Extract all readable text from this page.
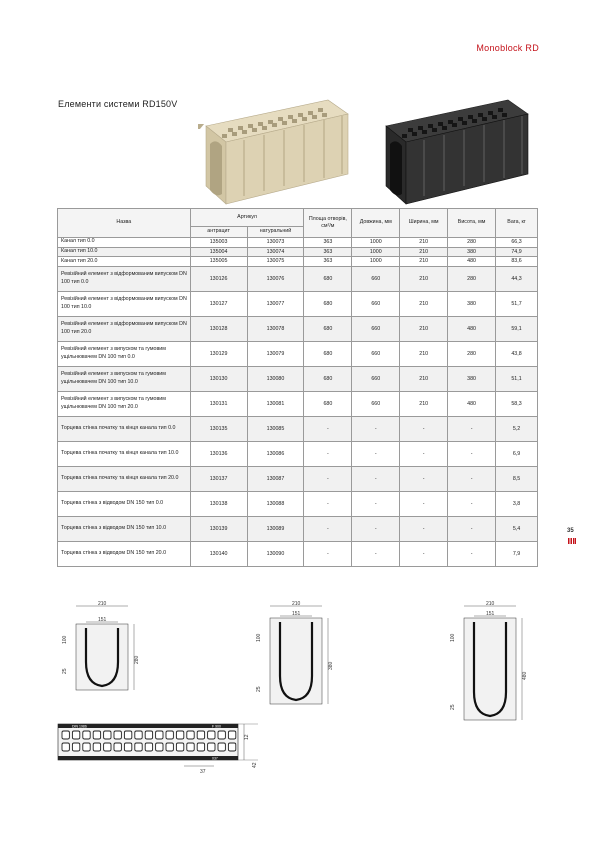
Monoblock RD
Елементи системи RD150V
Назва	Артикул		Площа отворів, см²/м	Довжина, мм	Ширина, мм	Висота, мм	Вага, кг
	антрацит	натуральний					
Канал тип 0.0	135003	130073	363	1000	210	280	66,3
Канал тип 10.0	135004	130074	363	1000	210	380	74,9
Канал тип 20.0	135005	130075	363	1000	210	480	83,6
Ревізійний елемент з відформованим випуском DN 100 тип 0.0	130126	130076	680	660	210	280	44,3
Ревізійний елемент з відформованим випуском DN 100 тип 10.0	130127	130077	680	660	210	380	51,7
Ревізійний елемент з відформованим випуском DN 100 тип 20.0	130128	130078	680	660	210	480	59,1
Ревізійний елемент з випуском та гумовим ущільнювачем DN 100 тип 0.0	130129	130079	680	660	210	280	43,8
Ревізійний елемент з випуском та гумовим ущільнювачем DN 100 тип 10.0	130130	130080	680	660	210	380	51,1
Ревізійний елемент з випуском та гумовим ущільнювачем DN 100 тип 20.0	130131	130081	680	660	210	480	58,3
Торцева стінка початку та кінця канала тип 0.0	130135	130085	-	-	-	-	5,2
Торцева стінка початку та кінця канала тип 10.0	130136	130086	-	-	-	-	6,9
Торцева стінка початку та кінця канала тип 20.0	130137	130087	-	-	-	-	8,5
Торцева стінка з відводом DN 150 тип 0.0	130138	130088	-	-	-	-	3,8
Торцева стінка з відводом DN 150 тип 10.0	130139	130089	-	-	-	-	5,4
Торцева стінка з відводом DN 150 тип 20.0	130140	130090	-	-	-	-	7,9
35
210
151
100
25
280
210
151
100
25
380
210
151
100
25
480
DIN 1986	F 900
037
12
42
37
